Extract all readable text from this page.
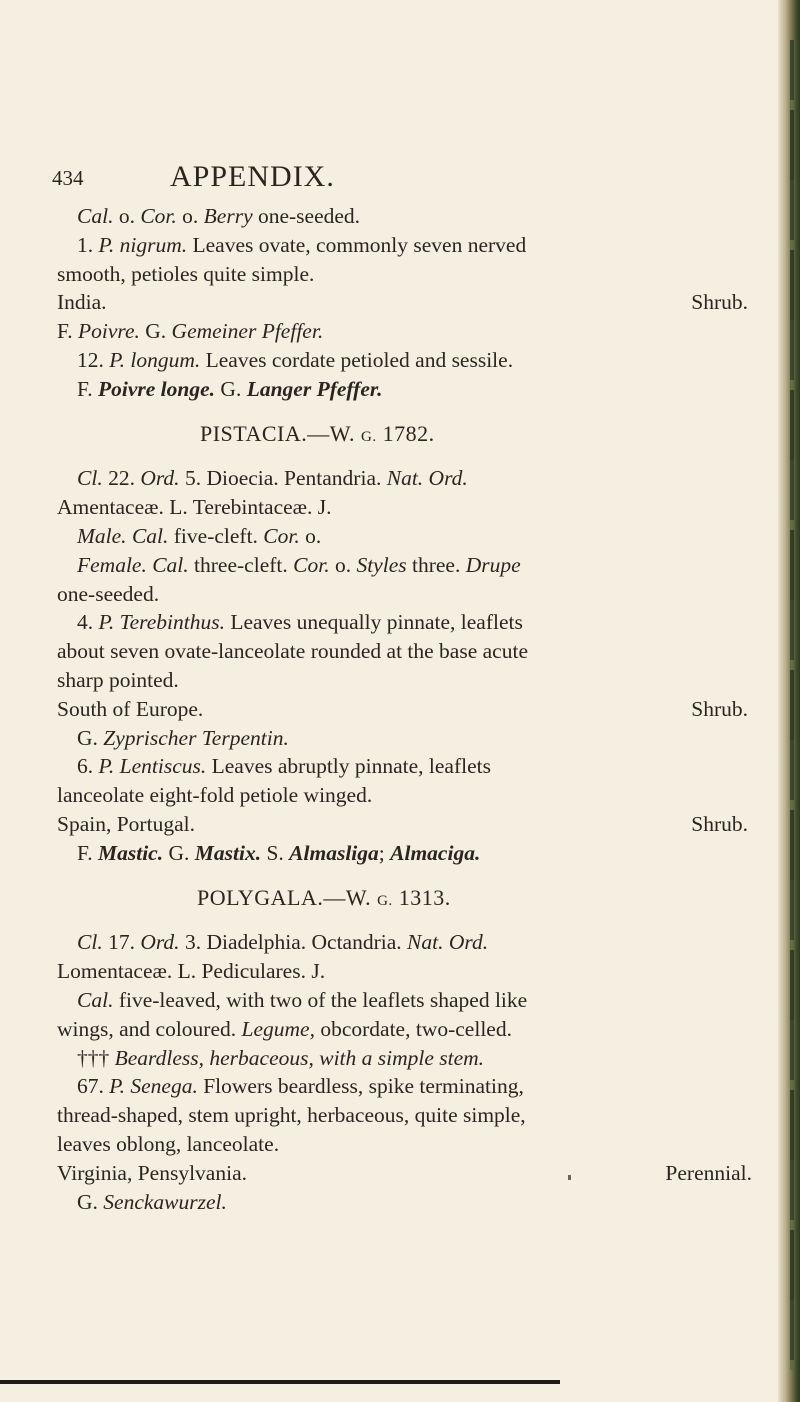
434	APPENDIX.
Cal. o. Cor. o. Berry one-seeded.
1. P. nigrum. Leaves ovate, commonly seven nerved
smooth, petioles quite simple.
India.	Shrub.
F. Poivre. G. Gemeiner Pfeffer.
12. P. longum. Leaves cordate petioled and sessile.
F. Poivre longe. G. Langer Pfeffer.
PISTACIA.—W. G. 1782.
Cl. 22. Ord. 5. Dioecia. Pentandria. Nat. Ord.
Amentaceæ. L. Terebintaceæ. J.
Male. Cal. five-cleft. Cor. o.
Female. Cal. three-cleft. Cor. o. Styles three. Drupe
one-seeded.
4. P. Terebinthus. Leaves unequally pinnate, leaflets
about seven ovate-lanceolate rounded at the base acute
sharp pointed.
South of Europe.	Shrub.
G. Zyprischer Terpentin.
6. P. Lentiscus. Leaves abruptly pinnate, leaflets
lanceolate eight-fold petiole winged.
Spain, Portugal.	Shrub.
F. Mastic. G. Mastix. S. Almasliga; Almaciga.
POLYGALA.—W. G. 1313.
Cl. 17. Ord. 3. Diadelphia. Octandria. Nat. Ord.
Lomentaceæ. L. Pediculares. J.
Cal. five-leaved, with two of the leaflets shaped like
wings, and coloured. Legume, obcordate, two-celled.
††† Beardless, herbaceous, with a simple stem.
67. P. Senega. Flowers beardless, spike terminating,
thread-shaped, stem upright, herbaceous, quite simple,
leaves oblong, lanceolate.
Virginia, Pensylvania.	Perennial.
G. Senckawurzel.
